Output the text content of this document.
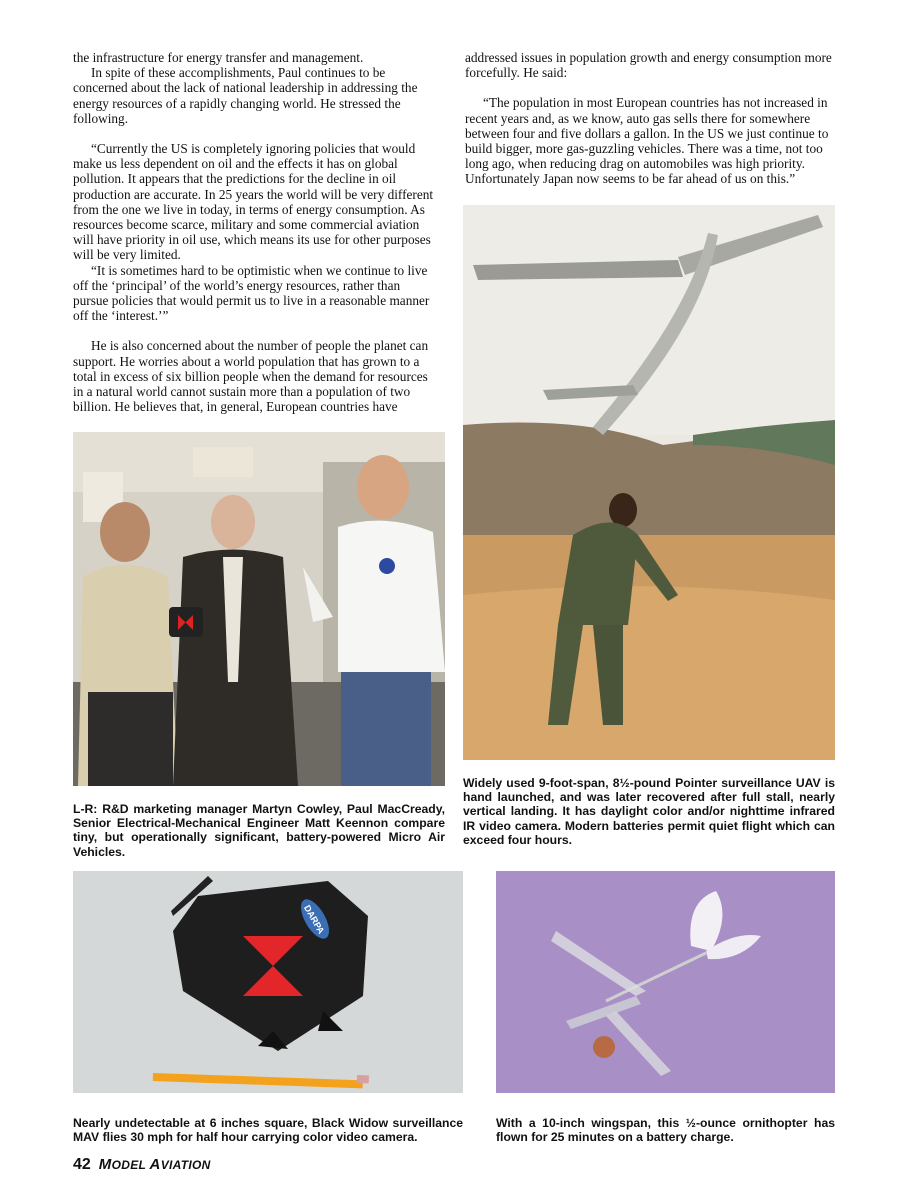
the infrastructure for energy transfer and management.

In spite of these accomplishments, Paul continues to be concerned about the lack of national leadership in addressing the energy resources of a rapidly changing world. He stressed the following.

“Currently the US is completely ignoring policies that would make us less dependent on oil and the effects it has on global pollution. It appears that the predictions for the decline in oil production are accurate. In 25 years the world will be very different from the one we live in today, in terms of energy consumption. As resources become scarce, military and some commercial aviation will have priority in oil use, which means its use for other purposes will be very limited.

“It is sometimes hard to be optimistic when we continue to live off the ‘principal’ of the world’s energy resources, rather than pursue policies that would permit us to live in a reasonable manner off the ‘interest.’”

He is also concerned about the number of people the planet can support. He worries about a world population that has grown to a total in excess of six billion people when the demand for resources in a natural world cannot sustain more than a population of two billion. He believes that, in general, European countries have

addressed issues in population growth and energy consumption more forcefully. He said:

“The population in most European countries has not increased in recent years and, as we know, auto gas sells there for somewhere between four and five dollars a gallon. In the US we just continue to build bigger, more gas-guzzling vehicles. There was a time, not too long ago, when reducing drag on automobiles was high priority. Unfortunately Japan now seems to be far ahead of us on this.”

L-R: R&D marketing manager Martyn Cowley, Paul MacCready, Senior Electrical-Mechanical Engineer Matt Keennon compare tiny, but operationally significant, battery-powered Micro Air Vehicles.
Widely used 9-foot-span, 8½-pound Pointer surveillance UAV is hand launched, and was later recovered after full stall, nearly vertical landing. It has daylight color and/or nighttime infrared IR video camera. Modern batteries permit quiet flight which can exceed four hours.
DARPA
Nearly undetectable at 6 inches square, Black Widow surveillance MAV flies 30 mph for half hour carrying color video camera.
With a 10-inch wingspan, this ½-ounce ornithopter has flown for 25 minutes on a battery charge.
42 MODEL AVIATION
